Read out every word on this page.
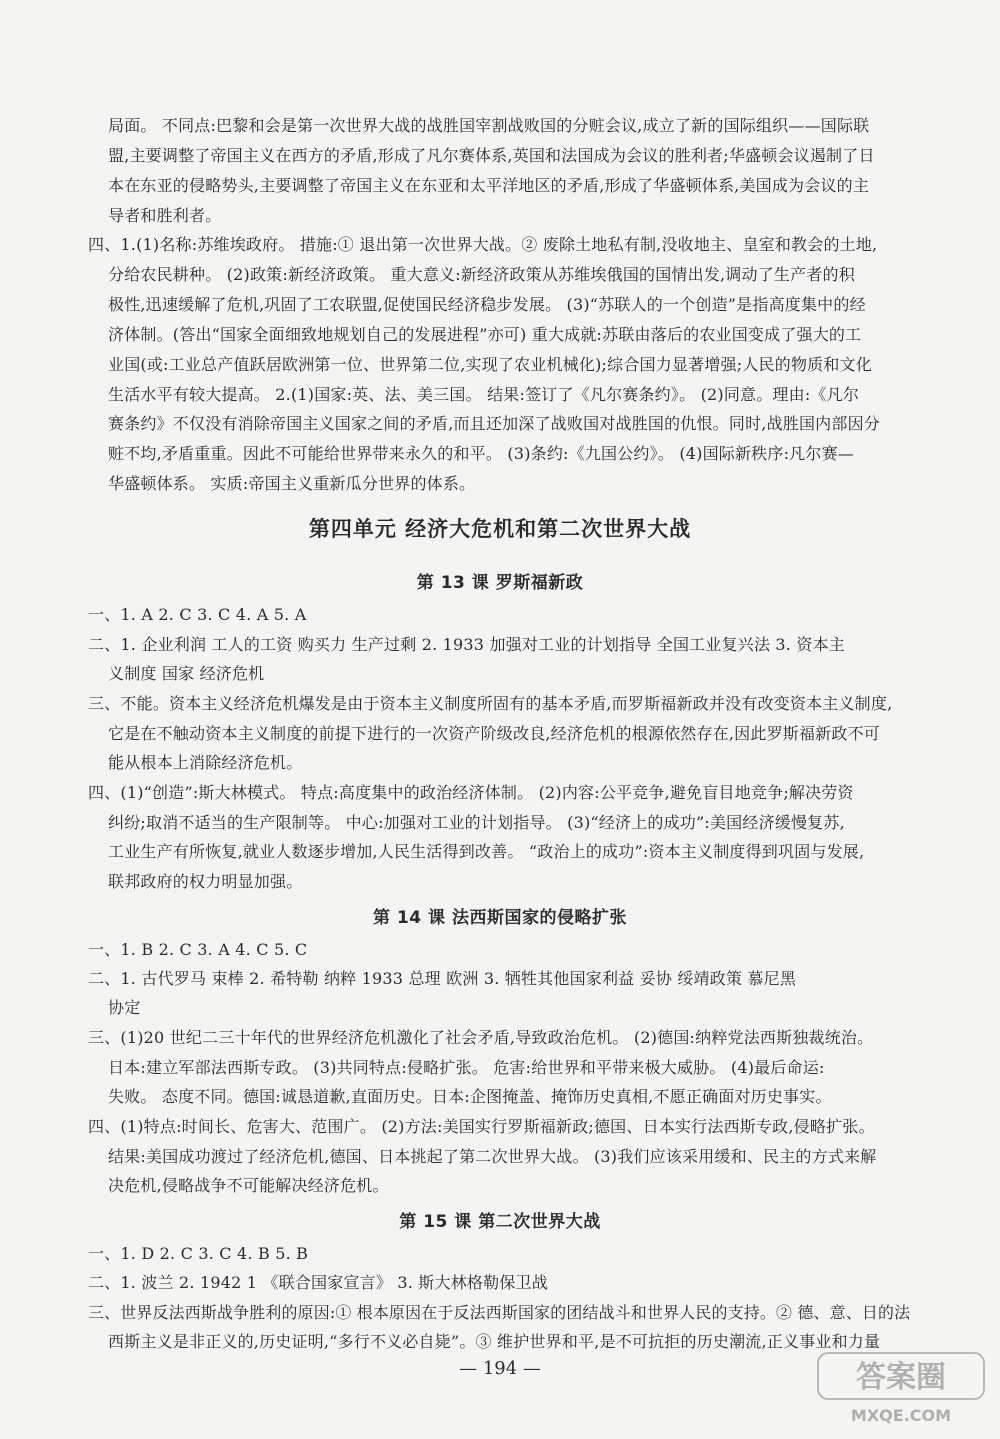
第四单元 经济大危机和第二次世界大战
第 13 课 罗斯福新政
第 14 课 法西斯国家的侵略扩张
第 15 课 第二次世界大战
— 194 —	答案圈
MXQE.COM
局面。 不同点:巴黎和会是第一次世界大战的战胜国宰割战败国的分赃会议,成立了新的国际组织——国际联
盟,主要调整了帝国主义在西方的矛盾,形成了凡尔赛体系,英国和法国成为会议的胜利者;华盛顿会议遏制了日
本在东亚的侵略势头,主要调整了帝国主义在东亚和太平洋地区的矛盾,形成了华盛顿体系,美国成为会议的主
导者和胜利者。
四、1.(1)名称:苏维埃政府。 措施:① 退出第一次世界大战。② 废除土地私有制,没收地主、皇室和教会的土地,
分给农民耕种。 (2)政策:新经济政策。 重大意义:新经济政策从苏维埃俄国的国情出发,调动了生产者的积
极性,迅速缓解了危机,巩固了工农联盟,促使国民经济稳步发展。 (3)“苏联人的一个创造”是指高度集中的经
济体制。(答出“国家全面细致地规划自己的发展进程”亦可) 重大成就:苏联由落后的农业国变成了强大的工
业国(或:工业总产值跃居欧洲第一位、世界第二位,实现了农业机械化);综合国力显著增强;人民的物质和文化
生活水平有较大提高。 2.(1)国家:英、法、美三国。 结果:签订了《凡尔赛条约》。 (2)同意。理由:《凡尔
赛条约》不仅没有消除帝国主义国家之间的矛盾,而且还加深了战败国对战胜国的仇恨。同时,战胜国内部因分
赃不均,矛盾重重。因此不可能给世界带来永久的和平。 (3)条约:《九国公约》。 (4)国际新秩序:凡尔赛—
华盛顿体系。 实质:帝国主义重新瓜分世界的体系。
一、1. A 2. C 3. C 4. A 5. A
二、1. 企业利润 工人的工资 购买力 生产过剩 2. 1933 加强对工业的计划指导 全国工业复兴法 3. 资本主
义制度 国家 经济危机
三、不能。资本主义经济危机爆发是由于资本主义制度所固有的基本矛盾,而罗斯福新政并没有改变资本主义制度,
它是在不触动资本主义制度的前提下进行的一次资产阶级改良,经济危机的根源依然存在,因此罗斯福新政不可
能从根本上消除经济危机。
四、(1)“创造”:斯大林模式。 特点:高度集中的政治经济体制。 (2)内容:公平竞争,避免盲目地竞争;解决劳资
纠纷;取消不适当的生产限制等。 中心:加强对工业的计划指导。 (3)“经济上的成功”:美国经济缓慢复苏,
工业生产有所恢复,就业人数逐步增加,人民生活得到改善。 “政治上的成功”:资本主义制度得到巩固与发展,
联邦政府的权力明显加强。
一、1. B 2. C 3. A 4. C 5. C
二、1. 古代罗马 束棒 2. 希特勒 纳粹 1933 总理 欧洲 3. 牺牲其他国家利益 妥协 绥靖政策 慕尼黑
协定
三、(1)20 世纪二三十年代的世界经济危机激化了社会矛盾,导致政治危机。 (2)德国:纳粹党法西斯独裁统治。
日本:建立军部法西斯专政。 (3)共同特点:侵略扩张。 危害:给世界和平带来极大威胁。 (4)最后命运:
失败。 态度不同。德国:诚恳道歉,直面历史。日本:企图掩盖、掩饰历史真相,不愿正确面对历史事实。
四、(1)特点:时间长、危害大、范围广。 (2)方法:美国实行罗斯福新政;德国、日本实行法西斯专政,侵略扩张。
结果:美国成功渡过了经济危机,德国、日本挑起了第二次世界大战。 (3)我们应该采用缓和、民主的方式来解
决危机,侵略战争不可能解决经济危机。
一、1. D 2. C 3. C 4. B 5. B
二、1. 波兰 2. 1942 1 《联合国家宣言》 3. 斯大林格勒保卫战
三、世界反法西斯战争胜利的原因:① 根本原因在于反法西斯国家的团结战斗和世界人民的支持。② 德、意、日的法
西斯主义是非正义的,历史证明,“多行不义必自毙”。③ 维护世界和平,是不可抗拒的历史潮流,正义事业和力量
